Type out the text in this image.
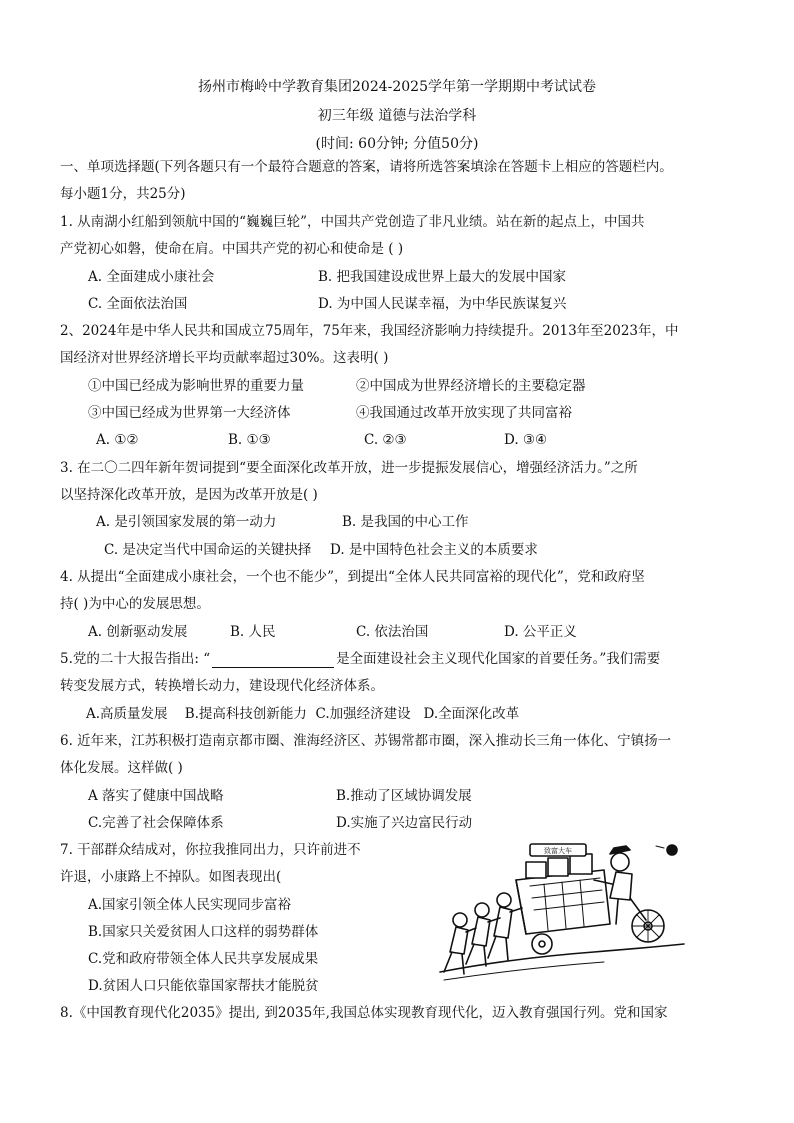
扬州市梅岭中学教育集团2024-2025学年第一学期期中考试试卷
初三年级 道德与法治学科
(时间: 60分钟; 分值50分)
一、单项选择题(下列各题只有一个最符合题意的答案，请将所选答案填涂在答题卡上相应的答题栏内。
每小题1分，共25分)
1. 从南湖小红船到领航中国的“巍巍巨轮”，中国共产党创造了非凡业绩。站在新的起点上，中国共
产党初心如磐，使命在肩。中国共产党的初心和使命是 ( )
A. 全面建成小康社会	B. 把我国建设成世界上最大的发展中国家
C. 全面依法治国	D. 为中国人民谋幸福，为中华民族谋复兴
2、2024年是中华人民共和国成立75周年，75年来，我国经济影响力持续提升。2013年至2023年，中
国经济对世界经济增长平均贡献率超过30%。这表明( )
①中国已经成为影响世界的重要力量	②中国成为世界经济增长的主要稳定器
③中国已经成为世界第一大经济体	④我国通过改革开放实现了共同富裕
A. ①②	B. ①③	C. ②③	D. ③④
3. 在二〇二四年新年贺词提到“要全面深化改革开放，进一步提振发展信心，增强经济活力。”之所
以坚持深化改革开放，是因为改革开放是( )
A. 是引领国家发展的第一动力	B. 是我国的中心工作
C. 是决定当代中国命运的关键抉择 D. 是中国特色社会主义的本质要求
4. 从提出“全面建成小康社会，一个也不能少”，到提出“全体人民共同富裕的现代化”，党和政府坚
持( )为中心的发展思想。
A. 创新驱动发展	B. 人民	C. 依法治国	D. 公平正义
5.党的二十大报告指出: “	是全面建设社会主义现代化国家的首要任务。”我们需要
转变发展方式，转换增长动力，建设现代化经济体系。
A.高质量发展    B.提高科技创新能力  C.加强经济建设   D.全面深化改革
6. 近年来，江苏积极打造南京都市圈、淮海经济区、苏锡常都市圈，深入推动长三角一体化、宁镇扬一
体化发展。这样做( )
A 落实了健康中国战略	B.推动了区域协调发展
C.完善了社会保障体系	D.实施了兴边富民行动
7. 干部群众结成对，你拉我推同出力，只许前进不
许退，小康路上不掉队。如图表现出(
A.国家引领全体人民实现同步富裕
B.国家只关爱贫困人口这样的弱势群体
C.党和政府带领全体人民共享发展成果
D.贫困人口只能依靠国家帮扶才能脱贫
致富大车
8.《中国教育现代化2035》提出, 到2035年,我国总体实现教育现代化，迈入教育强国行列。党和国家
